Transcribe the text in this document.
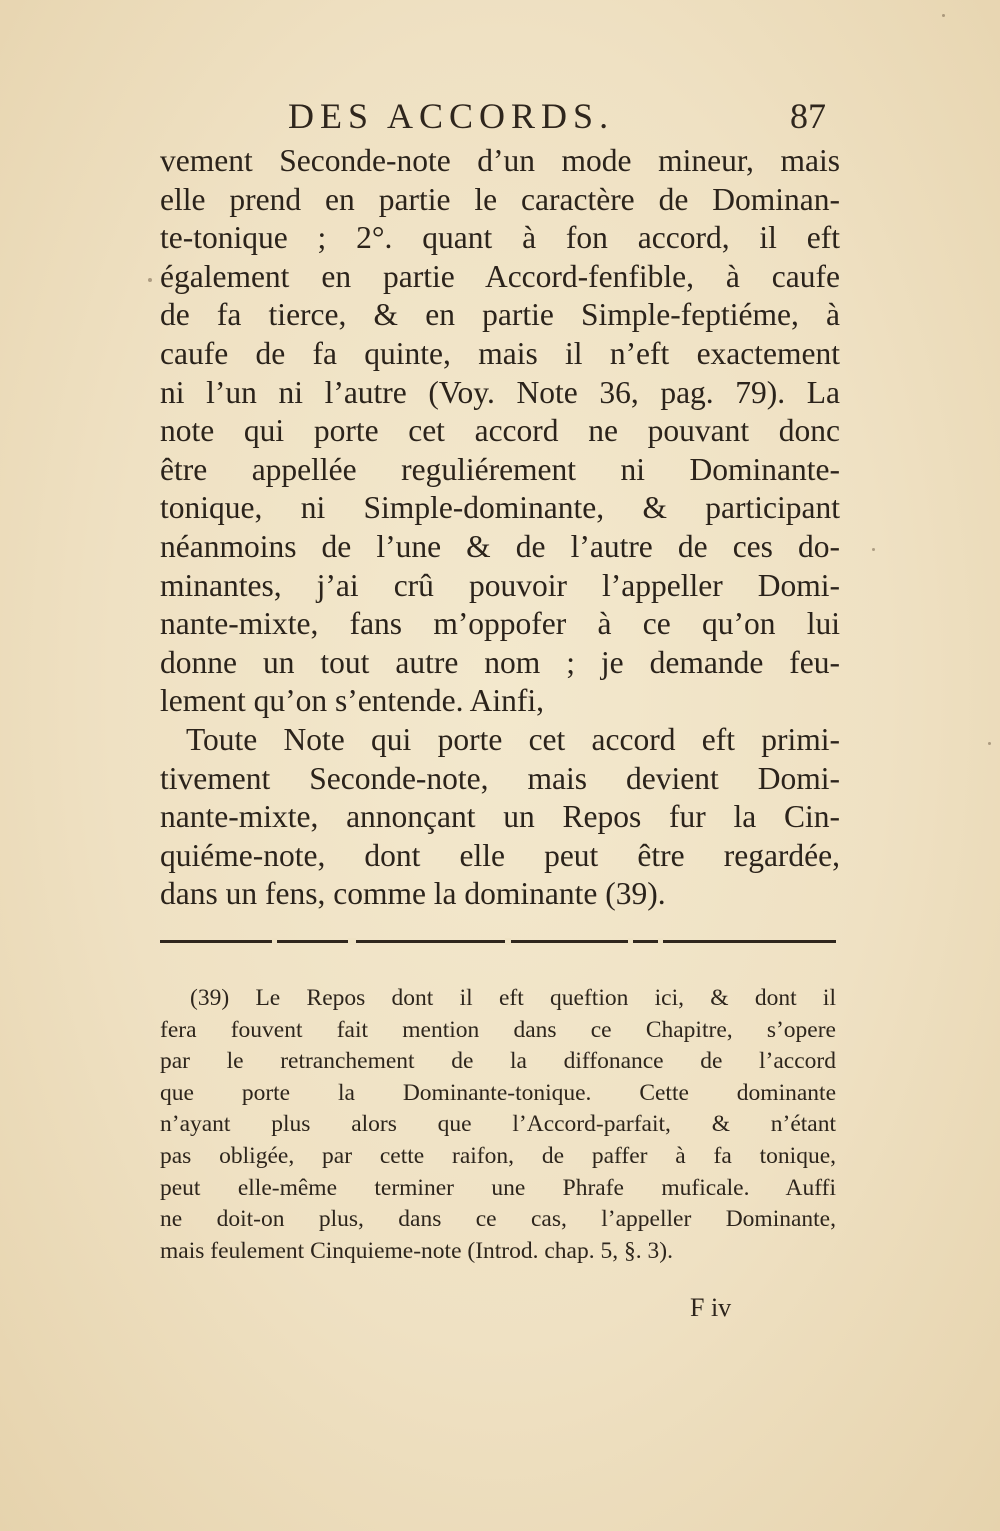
DES ACCORDS.	87
vement Seconde-note d’un mode mineur, mais
elle prend en partie le caractère de Dominan-
te-tonique ; 2°. quant à fon accord, il eft
également en partie Accord-fenfible, à caufe
de fa tierce, & en partie Simple-feptiéme, à
caufe de fa quinte, mais il n’eft exactement
ni l’un ni l’autre (Voy. Note 36, pag. 79). La
note qui porte cet accord ne pouvant donc
être appellée reguliérement ni Dominante-
tonique, ni Simple-dominante, & participant
néanmoins de l’une & de l’autre de ces do-
minantes, j’ai crû pouvoir l’appeller Domi-
nante-mixte, fans m’oppofer à ce qu’on lui
donne un tout autre nom ; je demande feu-
lement qu’on s’entende. Ainfi,
Toute Note qui porte cet accord eft primi-
tivement Seconde-note, mais devient Domi-
nante-mixte, annonçant un Repos fur la Cin-
quiéme-note, dont elle peut être regardée,
dans un fens, comme la dominante (39).
(39) Le Repos dont il eft queftion ici, & dont il
fera fouvent fait mention dans ce Chapitre, s’opere
par le retranchement de la diffonance de l’accord
que porte la Dominante-tonique. Cette dominante
n’ayant plus alors que l’Accord-parfait, & n’étant
pas obligée, par cette raifon, de paffer à fa tonique,
peut elle-même terminer une Phrafe muficale. Auffi
ne doit-on plus, dans ce cas, l’appeller Dominante,
mais feulement Cinquieme-note (Introd. chap. 5, §. 3).
F iv
